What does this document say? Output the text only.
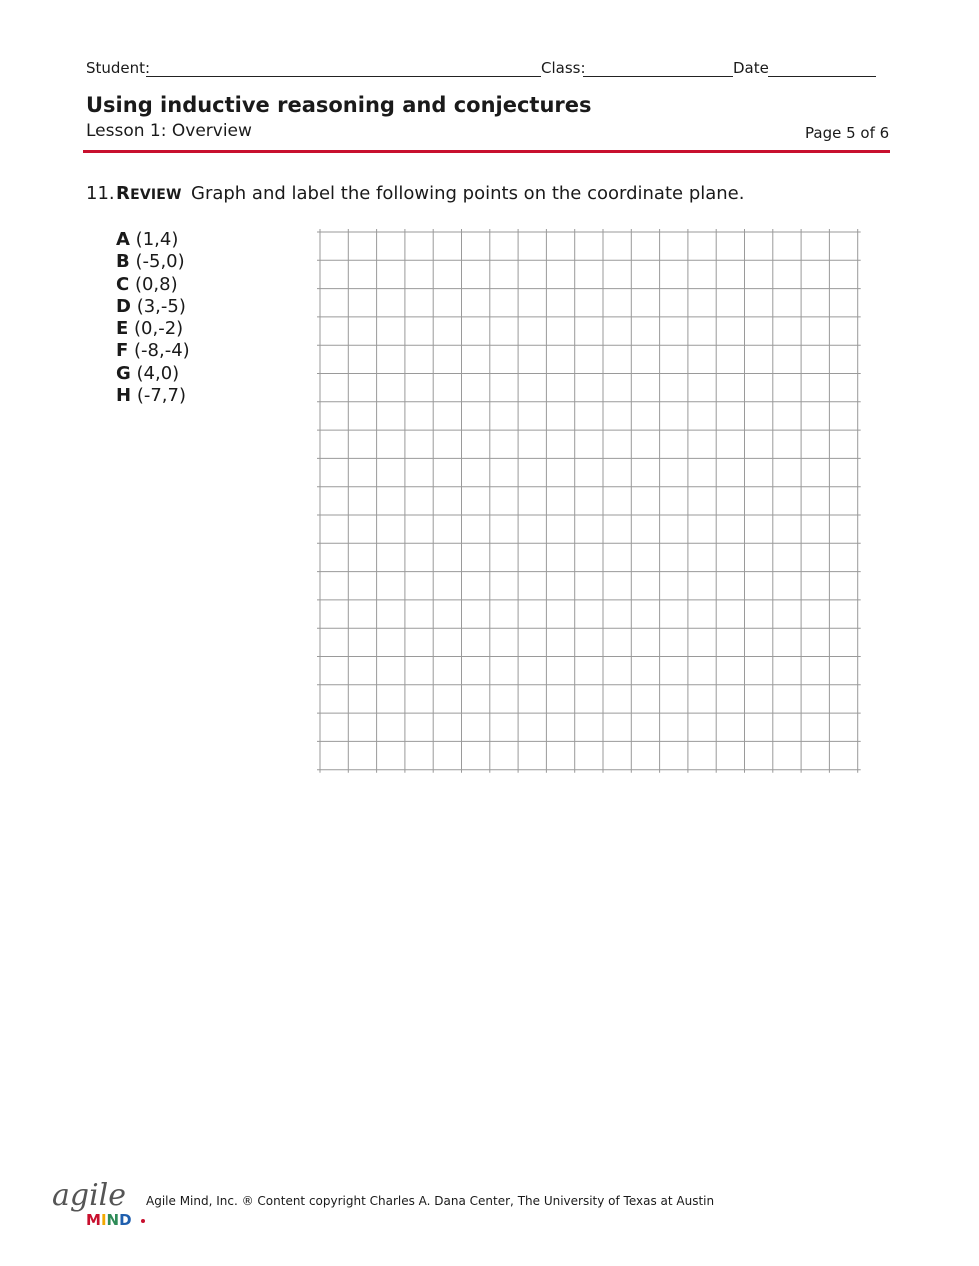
Student:	Class:	Date
Using inductive reasoning and conjectures
Lesson 1: Overview	Page 5 of 6
11. REVIEW Graph and label the following points on the coordinate plane.
A (1,4)
B (-5,0)
C (0,8)
D (3,-5)
E (0,-2)
F (-8,-4)
G (4,0)
H (-7,7)
agile
MIND
Agile Mind, Inc. ® Content copyright Charles A. Dana Center, The University of Texas at Austin
